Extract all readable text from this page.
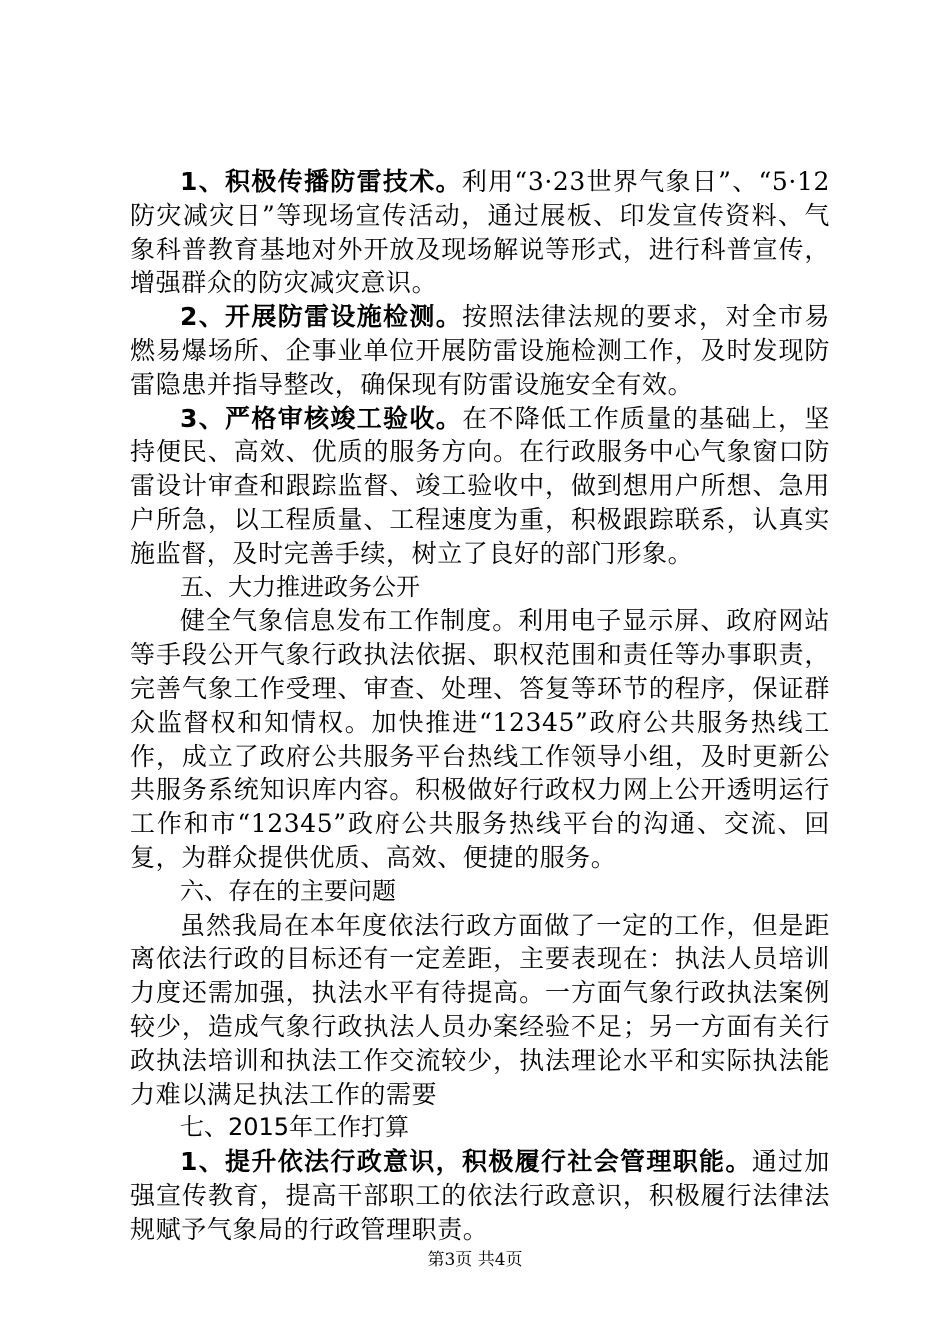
1、积极传播防雷技术。利用“3·23世界气象日”、“5·12防灾减灾日”等现场宣传活动，通过展板、印发宣传资料、气象科普教育基地对外开放及现场解说等形式，进行科普宣传，增强群众的防灾减灾意识。

2、开展防雷设施检测。按照法律法规的要求，对全市易燃易爆场所、企事业单位开展防雷设施检测工作，及时发现防雷隐患并指导整改，确保现有防雷设施安全有效。

3、严格审核竣工验收。在不降低工作质量的基础上，坚持便民、高效、优质的服务方向。在行政服务中心气象窗口防雷设计审查和跟踪监督、竣工验收中，做到想用户所想、急用户所急，以工程质量、工程速度为重，积极跟踪联系，认真实施监督，及时完善手续，树立了良好的部门形象。

五、大力推进政务公开

健全气象信息发布工作制度。利用电子显示屏、政府网站等手段公开气象行政执法依据、职权范围和责任等办事职责，完善气象工作受理、审查、处理、答复等环节的程序，保证群众监督权和知情权。加快推进“12345”政府公共服务热线工作，成立了政府公共服务平台热线工作领导小组，及时更新公共服务系统知识库内容。积极做好行政权力网上公开透明运行工作和市“12345”政府公共服务热线平台的沟通、交流、回复，为群众提供优质、高效、便捷的服务。

六、存在的主要问题

虽然我局在本年度依法行政方面做了一定的工作，但是距离依法行政的目标还有一定差距，主要表现在：执法人员培训力度还需加强，执法水平有待提高。一方面气象行政执法案例较少，造成气象行政执法人员办案经验不足；另一方面有关行政执法培训和执法工作交流较少，执法理论水平和实际执法能力难以满足执法工作的需要

七、2015年工作打算

1、提升依法行政意识，积极履行社会管理职能。通过加强宣传教育，提高干部职工的依法行政意识，积极履行法律法规赋予气象局的行政管理职责。

第3页 共4页
